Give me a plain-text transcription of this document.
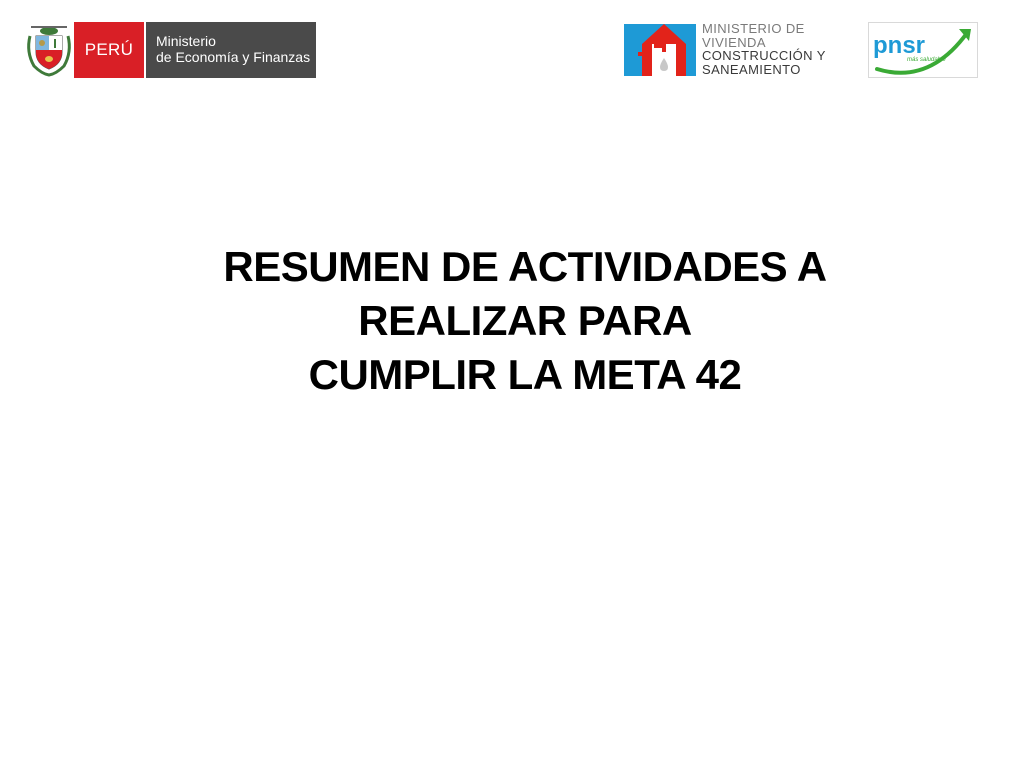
PERÚ	Ministerio
de Economía y Finanzas
MINISTERIO DE
VIVIENDA
CONSTRUCCIÓN Y
SANEAMIENTO
pnsr
más saludable
RESUMEN DE ACTIVIDADES A
REALIZAR PARA
CUMPLIR LA META 42
